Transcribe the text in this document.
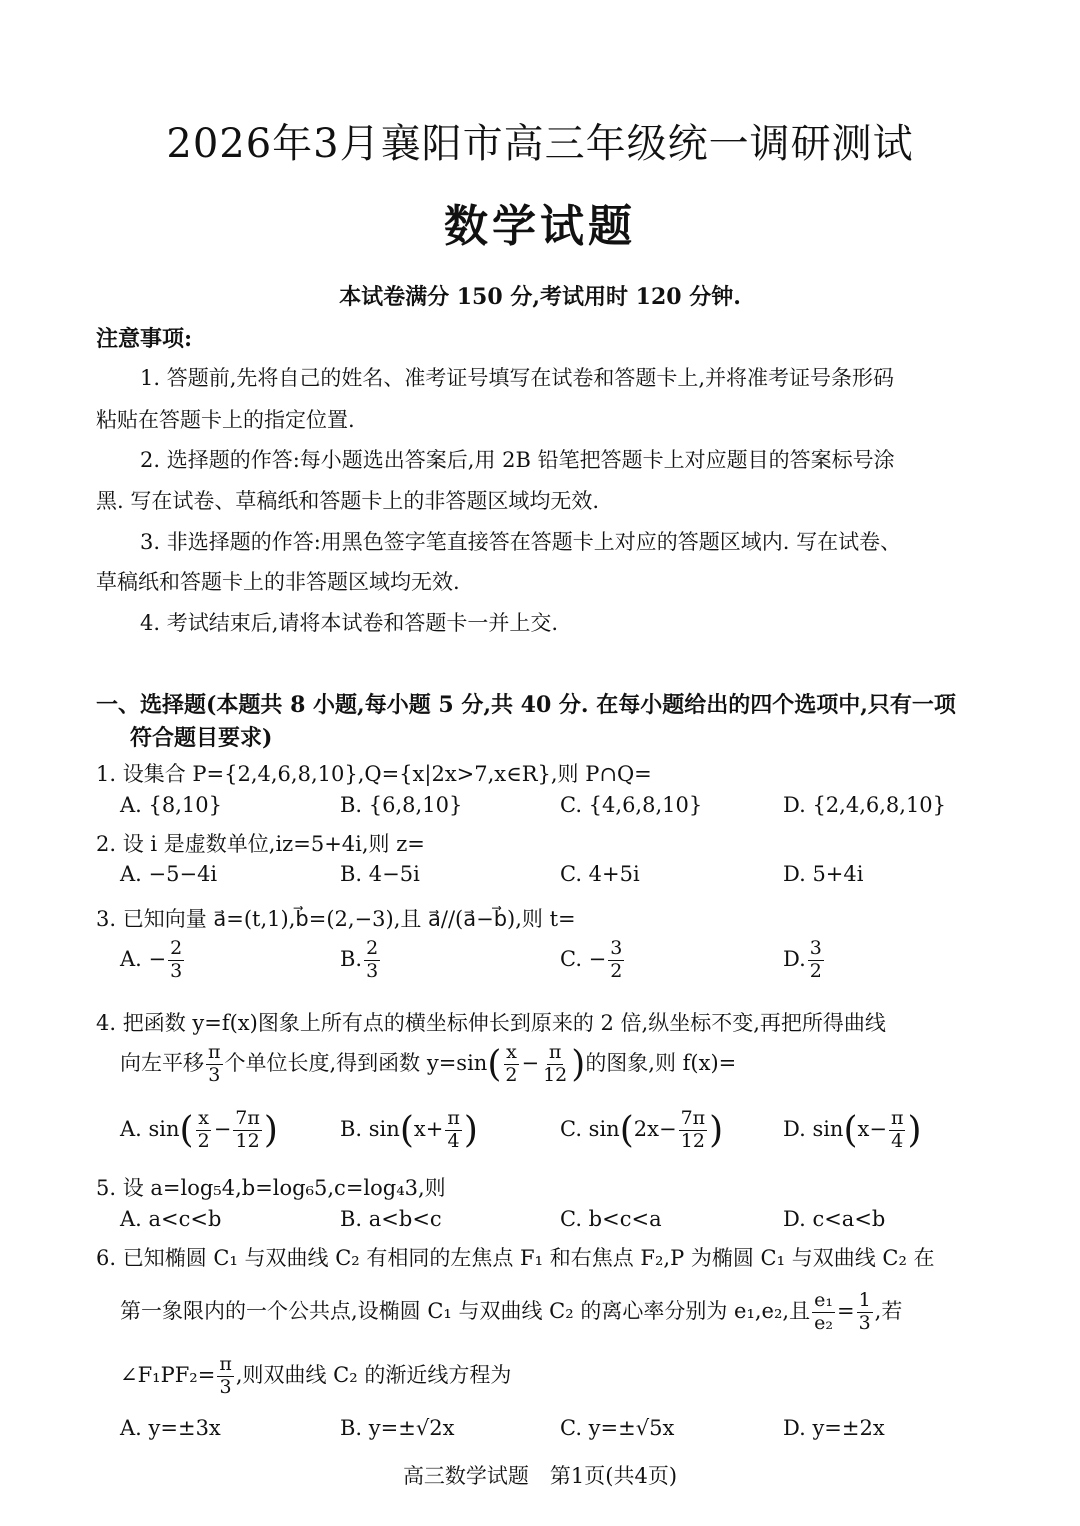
2026年3月襄阳市高三年级统一调研测试
数学试题
本试卷满分 150 分,考试用时 120 分钟.
注意事项:
1. 答题前,先将自己的姓名、准考证号填写在试卷和答题卡上,并将准考证号条形码
粘贴在答题卡上的指定位置.
2. 选择题的作答:每小题选出答案后,用 2B 铅笔把答题卡上对应题目的答案标号涂
黑. 写在试卷、草稿纸和答题卡上的非答题区域均无效.
3. 非选择题的作答:用黑色签字笔直接答在答题卡上对应的答题区域内. 写在试卷、
草稿纸和答题卡上的非答题区域均无效.
4. 考试结束后,请将本试卷和答题卡一并上交.
一、选择题(本题共 8 小题,每小题 5 分,共 40 分. 在每小题给出的四个选项中,只有一项
符合题目要求)
1. 设集合 P={2,4,6,8,10},Q={x|2x>7,x∈R},则 P∩Q=
A. {8,10}	B. {6,8,10}	C. {4,6,8,10}	D. {2,4,6,8,10}
2. 设 i 是虚数单位,iz=5+4i,则 z=
A. −5−4i	B. 4−5i	C. 4+5i	D. 5+4i
3. 已知向量 a⃗=(t,1),b⃗=(2,−3),且 a⃗//(a⃗−b⃗),则 t=
A. − $\frac{2}{3}$	B. $\frac{2}{3}$	C. − $\frac{3}{2}$	D. $\frac{3}{2}$
4. 把函数 y=f(x)图象上所有点的横坐标伸长到原来的 2 倍,纵坐标不变,再把所得曲线
向左平移 $\frac{\pi}{3}$ 个单位长度,得到函数 $y=\sin( \frac{x}{2} - \frac{\pi}{12}$ )的图象,则 f(x)=
A. $\sin( \frac{x}{2} - \frac{7\pi}{12}$ )	B. $\sin(x+ \frac{\pi}{4}$ )	C. $\sin(2x- \frac{7\pi}{12}$ )	D. $\sin(x- \frac{\pi}{4}$ )
5. 设 a=log₅4,b=log₆5,c=log₄3,则
A. a<c<b	B. a<b<c	C. b<c<a	D. c<a<b
6. 已知椭圆 C₁ 与双曲线 C₂ 有相同的左焦点 F₁ 和右焦点 F₂,P 为椭圆 C₁ 与双曲线 C₂ 在
第一象限内的一个公共点,设椭圆 C₁ 与双曲线 C₂ 的离心率分别为 e₁,e₂,且 $\frac{\text{e₁}}{\text{e₂}} = \frac{1}{3}$ ,若
∠F₁PF₂= $\frac{\pi}{3}$ ,则双曲线 C₂ 的渐近线方程为
A. y=±3x	B. y=±√2x	C. y=±√5x	D. y=±2x
高三数学试题　第1页(共4页)
